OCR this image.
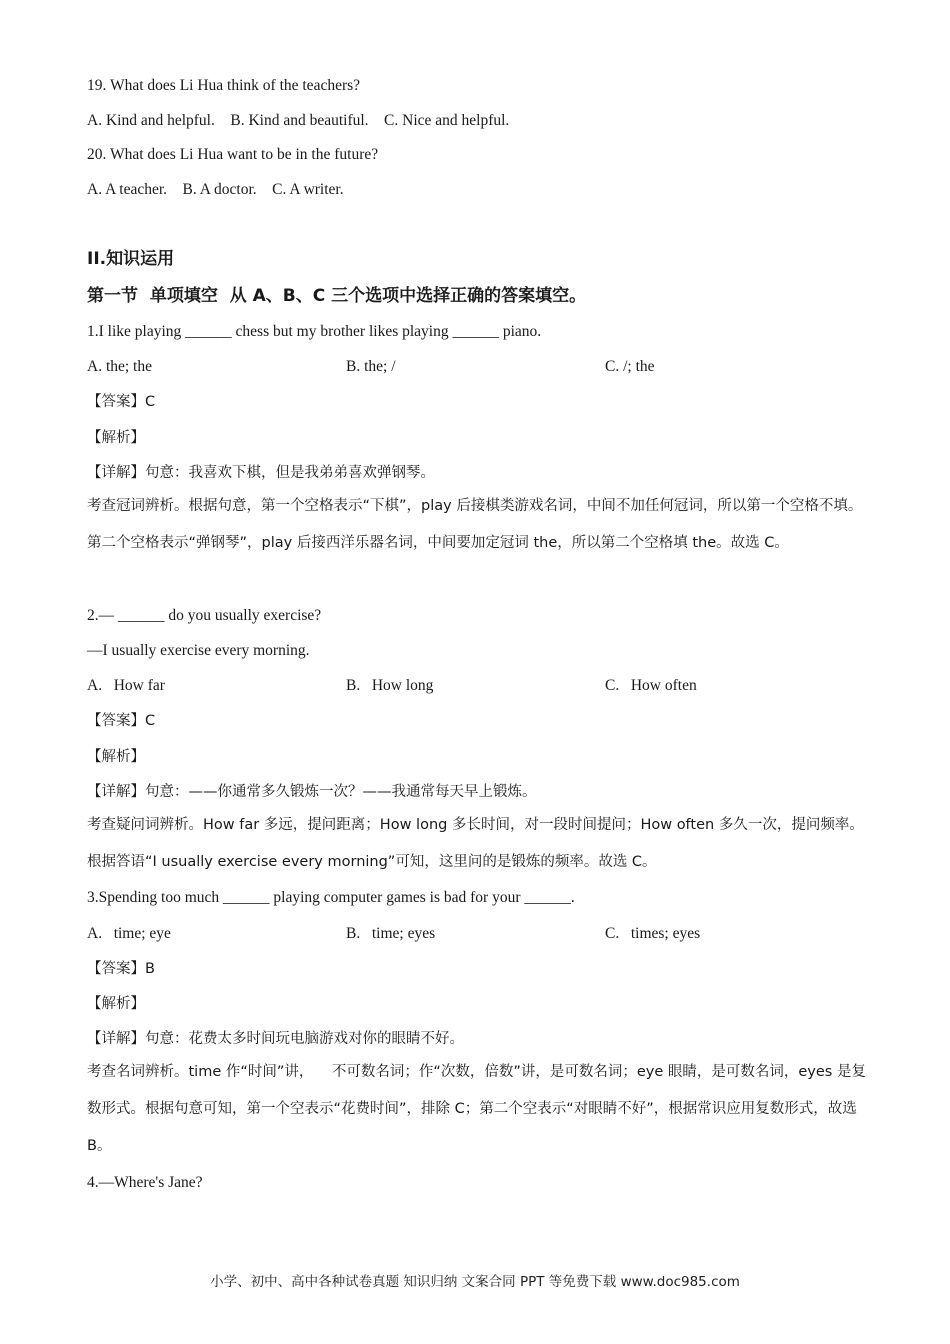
19. What does Li Hua think of the teachers?
A. Kind and helpful.    B. Kind and beautiful.    C. Nice and helpful.
20. What does Li Hua want to be in the future?
A. A teacher.    B. A doctor.    C. A writer.
II.知识运用
第一节  单项填空  从 A、B、C 三个选项中选择正确的答案填空。
1.I like playing ______ chess but my brother likes playing ______ piano.
A. the; the	B. the; /	C. /; the
【答案】C
【解析】
【详解】句意：我喜欢下棋，但是我弟弟喜欢弹钢琴。
考查冠词辨析。根据句意，第一个空格表示“下棋”，play 后接棋类游戏名词，中间不加任何冠词，所以第一个空格不填。第二个空格表示“弹钢琴”，play 后接西洋乐器名词，中间要加定冠词 the，所以第二个空格填 the。故选 C。
2.— ______ do you usually exercise?
—I usually exercise every morning.
A.   How far	B.   How long	C.   How often
【答案】C
【解析】
【详解】句意：——你通常多久锻炼一次？——我通常每天早上锻炼。
考查疑问词辨析。How far 多远，提问距离；How long 多长时间，对一段时间提问；How often 多久一次，提问频率。根据答语“I usually exercise every morning”可知，这里问的是锻炼的频率。故选 C。
3.Spending too much ______ playing computer games is bad for your ______.
A.   time; eye	B.   time; eyes	C.   times; eyes
【答案】B
【解析】
【详解】句意：花费太多时间玩电脑游戏对你的眼睛不好。
考查名词辨析。time 作“时间”讲，    不可数名词；作“次数，倍数”讲，是可数名词；eye 眼睛，是可数名词，eyes 是复数形式。根据句意可知，第一个空表示“花费时间”，排除 C；第二个空表示“对眼睛不好”，根据常识应用复数形式，故选 B。
4.—Where's Jane?
小学、初中、高中各种试卷真题 知识归纳 文案合同 PPT 等免费下载 www.doc985.com
